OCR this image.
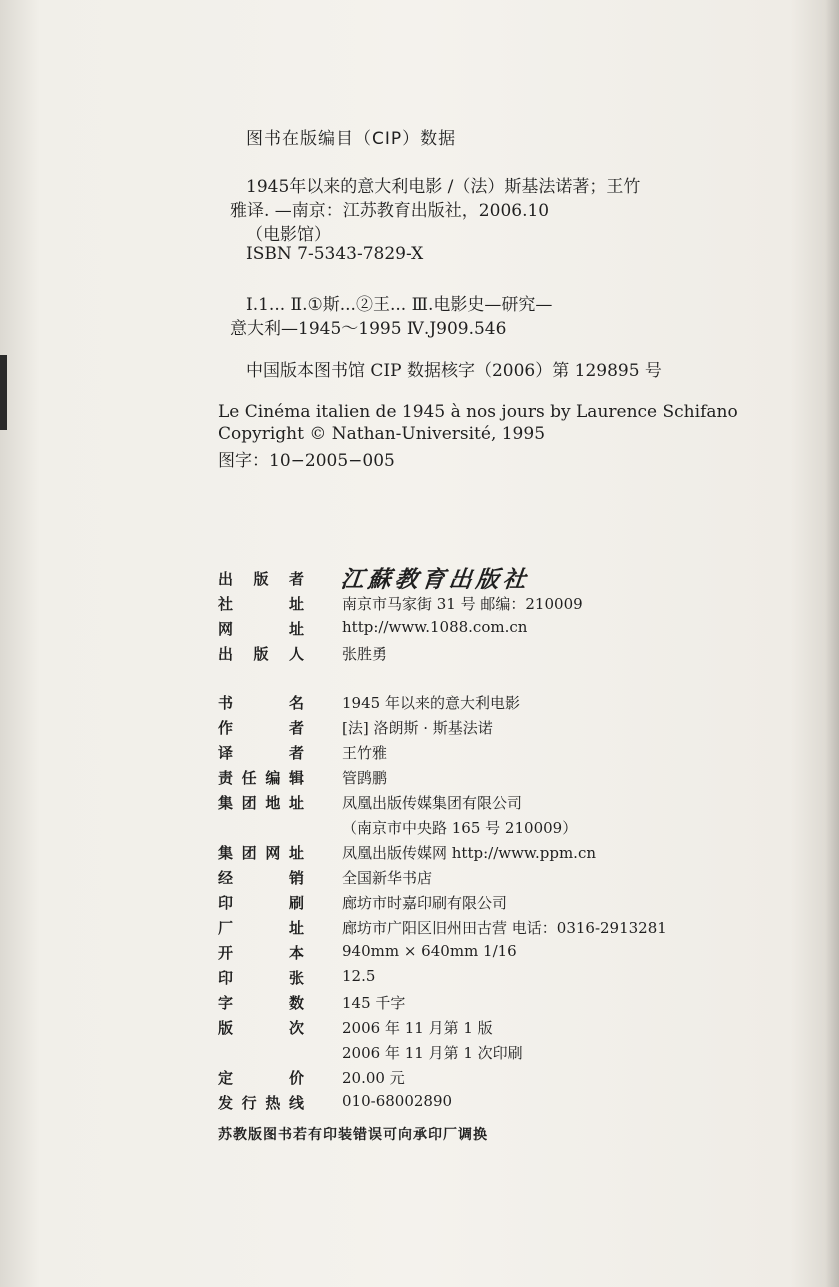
图书在版编目（CIP）数据
1945年以来的意大利电影 /（法）斯基法诺著；王竹
雅译. —南京：江苏教育出版社，2006.10
（电影馆）
ISBN 7-5343-7829-X
Ⅰ.1... Ⅱ.①斯...②王... Ⅲ.电影史—研究—
意大利—1945～1995 Ⅳ.J909.546
中国版本图书馆 CIP 数据核字（2006）第 129895 号
Le Cinéma italien de 1945 à nos jours by Laurence Schifano
Copyright © Nathan-Université, 1995
图字：10−2005−005
出 版 者 江蘇教育出版社
社	址	南京市马家街 31 号 邮编：210009
网	址	http://www.1088.com.cn
出 版 人	张胜勇
书	名	1945 年以来的意大利电影
作	者	[法] 洛朗斯 · 斯基法诺
译	者	王竹雅
责 任 编 辑	管鹍鹏
集 团 地 址	凤凰出版传媒集团有限公司
（南京市中央路 165 号 210009）
集 团 网 址	凤凰出版传媒网 http://www.ppm.cn
经	销	全国新华书店
印	刷	廊坊市时嘉印刷有限公司
厂	址	廊坊市广阳区旧州田古营 电话：0316-2913281
开	本	940mm × 640mm 1/16
印	张	12.5
字	数	145 千字
版	次	2006 年 11 月第 1 版
2006 年 11 月第 1 次印刷
定	价	20.00 元
发 行 热 线	010-68002890
苏教版图书若有印装错误可向承印厂调换
